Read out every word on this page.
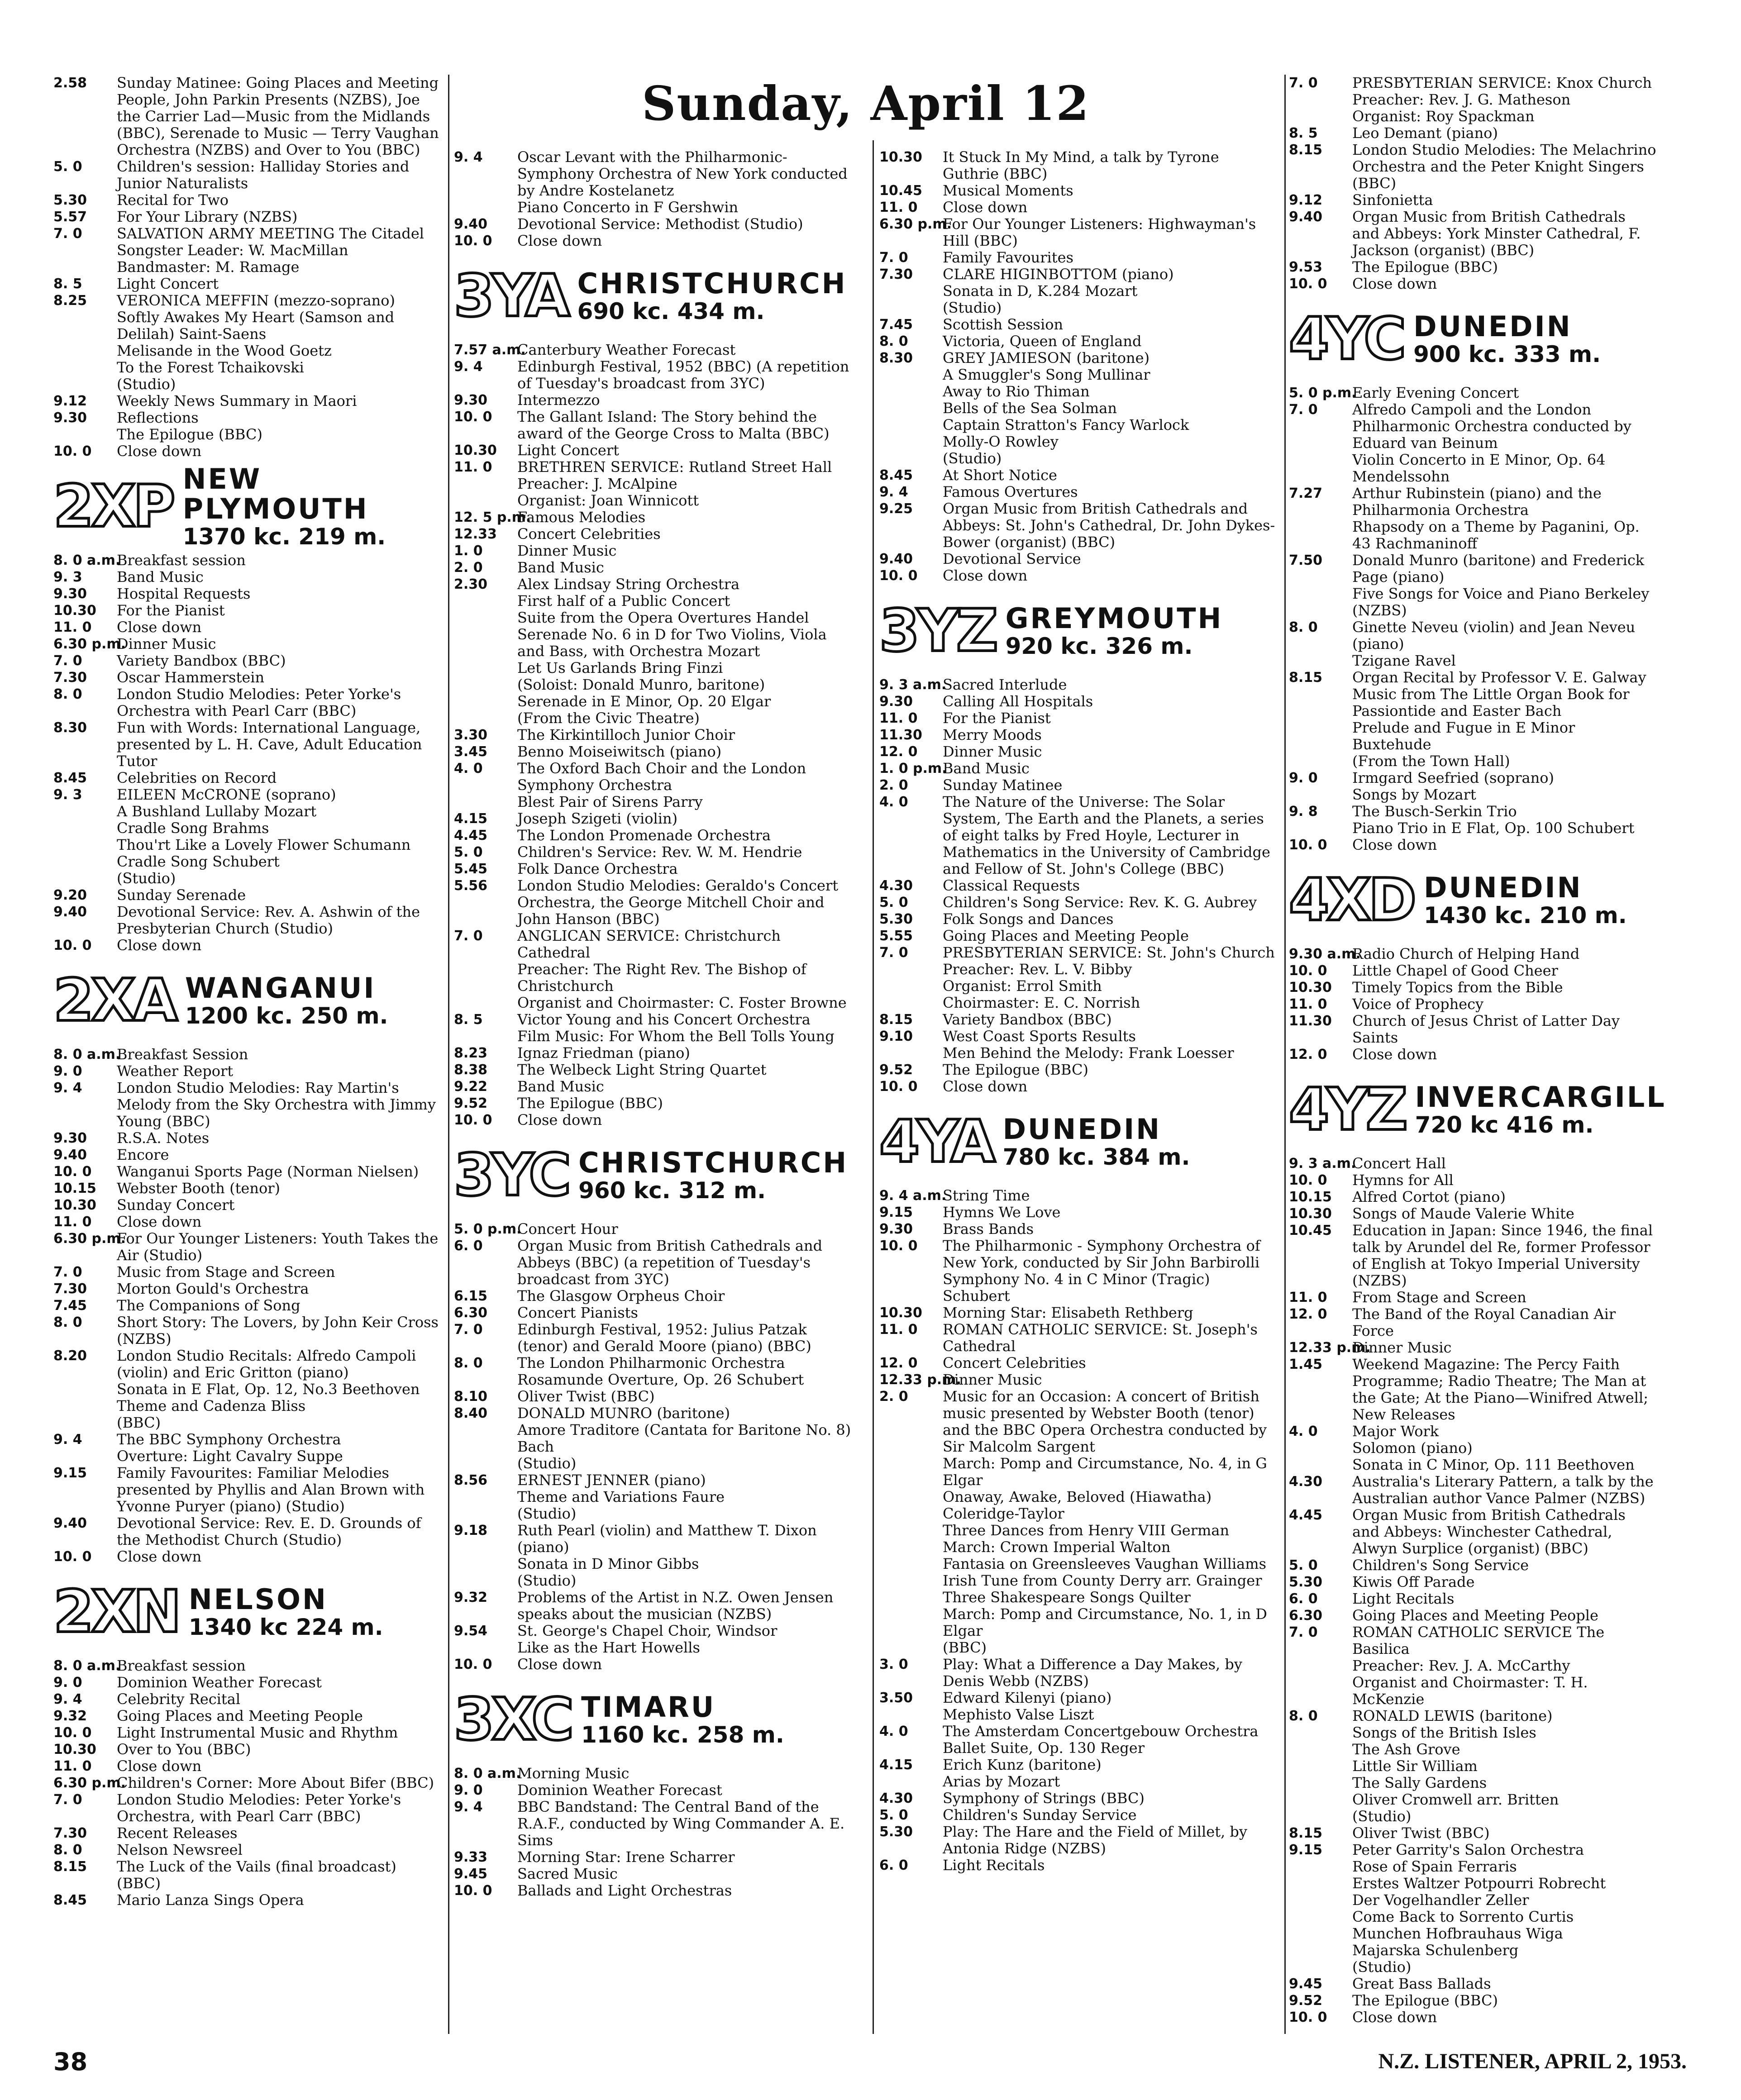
2.58 Sunday Matinee: Going Places and Meeting People, John Parkin Presents (NZBS), Joe the Carrier Lad—Music from the Midlands (BBC), Serenade to Music — Terry Vaughan Orchestra (NZBS) and Over to You (BBC)

5. 0 Children's session: Halliday Stories and Junior Naturalists

5.30 Recital for Two

5.57 For Your Library (NZBS)

7. 0 SALVATION ARMY MEETING The Citadel

Songster Leader: W. MacMillan

Bandmaster: M. Ramage

8. 5 Light Concert

8.25 VERONICA MEFFIN (mezzo-soprano)

Softly Awakes My Heart (Samson and Delilah) Saint-Saens

Melisande in the Wood Goetz

To the Forest Tchaikovski

(Studio)

9.12 Weekly News Summary in Maori

9.30 Reflections

The Epilogue (BBC)

10. 0 Close down

2XP NEW PLYMOUTH
1370 kc. 219 m.

8. 0 a.m.
Breakfast session

9. 3 Band Music

9.30 Hospital Requests

10.30 For the Pianist

11. 0 Close down

6.30 p.m.
Dinner Music

7. 0 Variety Bandbox (BBC)

7.30 Oscar Hammerstein

8. 0 London Studio Melodies: Peter Yorke's Orchestra with Pearl Carr (BBC)

8.30 Fun with Words: International Language, presented by L. H. Cave, Adult Education Tutor

8.45 Celebrities on Record

9. 3 EILEEN McCRONE (soprano)

A Bushland Lullaby Mozart

Cradle Song Brahms

Thou'rt Like a Lovely Flower Schumann

Cradle Song Schubert

(Studio)

9.20 Sunday Serenade

9.40 Devotional Service: Rev. A. Ashwin of the Presbyterian Church (Studio)

10. 0 Close down

2XA WANGANUI
1200 kc. 250 m.

8. 0 a.m.
Breakfast Session

9. 0 Weather Report

9. 4 London Studio Melodies: Ray Martin's Melody from the Sky Orchestra with Jimmy Young (BBC)

9.30 R.S.A. Notes

9.40 Encore

10. 0 Wanganui Sports Page (Norman Nielsen)

10.15 Webster Booth (tenor)

10.30 Sunday Concert

11. 0 Close down

6.30 p.m.
For Our Younger Listeners: Youth Takes the Air (Studio)

7. 0 Music from Stage and Screen

7.30 Morton Gould's Orchestra

7.45 The Companions of Song

8. 0 Short Story: The Lovers, by John Keir Cross (NZBS)

8.20 London Studio Recitals: Alfredo Campoli (violin) and Eric Gritton (piano)

Sonata in E Flat, Op. 12, No.3 Beethoven

Theme and Cadenza Bliss

(BBC)

9. 4 The BBC Symphony Orchestra

Overture: Light Cavalry Suppe

9.15 Family Favourites: Familiar Melodies presented by Phyllis and Alan Brown with Yvonne Puryer (piano) (Studio)

9.40 Devotional Service: Rev. E. D. Grounds of the Methodist Church (Studio)

10. 0 Close down

2XN NELSON
1340 kc 224 m.

8. 0 a.m.
Breakfast session

9. 0 Dominion Weather Forecast

9. 4 Celebrity Recital

9.32 Going Places and Meeting People

10. 0 Light Instrumental Music and Rhythm

10.30 Over to You (BBC)

11. 0 Close down

6.30 p.m.
Children's Corner: More About Bifer (BBC)

7. 0 London Studio Melodies: Peter Yorke's Orchestra, with Pearl Carr (BBC)

7.30 Recent Releases

8. 0 Nelson Newsreel

8.15 The Luck of the Vails (final broadcast) (BBC)

8.45 Mario Lanza Sings Opera

Sunday, April 12

9. 4 Oscar Levant with the Philharmonic-Symphony Orchestra of New York conducted by Andre Kostelanetz

Piano Concerto in F Gershwin

9.40 Devotional Service: Methodist (Studio)

10. 0 Close down

3YA CHRISTCHURCH
690 kc. 434 m.

7.57 a.m.
Canterbury Weather Forecast

9. 4 Edinburgh Festival, 1952 (BBC) (A repetition of Tuesday's broadcast from 3YC)

9.30 Intermezzo

10. 0 The Gallant Island: The Story behind the award of the George Cross to Malta (BBC)

10.30 Light Concert

11. 0 BRETHREN SERVICE: Rutland Street Hall

Preacher: J. McAlpine

Organist: Joan Winnicott

12. 5 p.m.
Famous Melodies

12.33 Concert Celebrities

1. 0 Dinner Music

2. 0 Band Music

2.30 Alex Lindsay String Orchestra

First half of a Public Concert

Suite from the Opera Overtures Handel

Serenade No. 6 in D for Two Violins, Viola and Bass, with Orchestra Mozart

Let Us Garlands Bring Finzi

(Soloist: Donald Munro, baritone)

Serenade in E Minor, Op. 20 Elgar

(From the Civic Theatre)

3.30 The Kirkintilloch Junior Choir

3.45 Benno Moiseiwitsch (piano)

4. 0 The Oxford Bach Choir and the London Symphony Orchestra

Blest Pair of Sirens Parry

4.15 Joseph Szigeti (violin)

4.45 The London Promenade Orchestra

5. 0 Children's Service: Rev. W. M. Hendrie

5.45 Folk Dance Orchestra

5.56 London Studio Melodies: Geraldo's Concert Orchestra, the George Mitchell Choir and John Hanson (BBC)

7. 0 ANGLICAN SERVICE: Christchurch Cathedral

Preacher: The Right Rev. The Bishop of Christchurch

Organist and Choirmaster: C. Foster Browne

8. 5 Victor Young and his Concert Orchestra

Film Music: For Whom the Bell Tolls Young

8.23 Ignaz Friedman (piano)

8.38 The Welbeck Light String Quartet

9.22 Band Music

9.52 The Epilogue (BBC)

10. 0 Close down

3YC CHRISTCHURCH
960 kc. 312 m.

5. 0 p.m.
Concert Hour

6. 0 Organ Music from British Cathedrals and Abbeys (BBC) (a repetition of Tuesday's broadcast from 3YC)

6.15 The Glasgow Orpheus Choir

6.30 Concert Pianists

7. 0 Edinburgh Festival, 1952: Julius Patzak (tenor) and Gerald Moore (piano) (BBC)

8. 0 The London Philharmonic Orchestra

Rosamunde Overture, Op. 26 Schubert

8.10 Oliver Twist (BBC)

8.40 DONALD MUNRO (baritone)

Amore Traditore (Cantata for Baritone No. 8) Bach

(Studio)

8.56 ERNEST JENNER (piano)

Theme and Variations Faure

(Studio)

9.18 Ruth Pearl (violin) and Matthew T. Dixon (piano)

Sonata in D Minor Gibbs

(Studio)

9.32 Problems of the Artist in N.Z. Owen Jensen speaks about the musician (NZBS)

9.54 St. George's Chapel Choir, Windsor

Like as the Hart Howells

10. 0 Close down

3XC TIMARU
1160 kc. 258 m.

8. 0 a.m.
Morning Music

9. 0 Dominion Weather Forecast

9. 4 BBC Bandstand: The Central Band of the R.A.F., conducted by Wing Commander A. E. Sims

9.33 Morning Star: Irene Scharrer

9.45 Sacred Music

10. 0 Ballads and Light Orchestras

10.30 It Stuck In My Mind, a talk by Tyrone Guthrie (BBC)

10.45 Musical Moments

11. 0 Close down

6.30 p.m.
For Our Younger Listeners: Highwayman's Hill (BBC)

7. 0 Family Favourites

7.30 CLARE HIGINBOTTOM (piano)

Sonata in D, K.284 Mozart

(Studio)

7.45 Scottish Session

8. 0 Victoria, Queen of England

8.30 GREY JAMIESON (baritone)

A Smuggler's Song Mullinar

Away to Rio Thiman

Bells of the Sea Solman

Captain Stratton's Fancy Warlock

Molly-O Rowley

(Studio)

8.45 At Short Notice

9. 4 Famous Overtures

9.25 Organ Music from British Cathedrals and Abbeys: St. John's Cathedral, Dr. John Dykes-Bower (organist) (BBC)

9.40 Devotional Service

10. 0 Close down

3YZ GREYMOUTH
920 kc. 326 m.

9. 3 a.m.
Sacred Interlude

9.30 Calling All Hospitals

11. 0 For the Pianist

11.30 Merry Moods

12. 0 Dinner Music

1. 0 p.m.
Band Music

2. 0 Sunday Matinee

4. 0 The Nature of the Universe: The Solar System, The Earth and the Planets, a series of eight talks by Fred Hoyle, Lecturer in Mathematics in the University of Cambridge and Fellow of St. John's College (BBC)

4.30 Classical Requests

5. 0 Children's Song Service: Rev. K. G. Aubrey

5.30 Folk Songs and Dances

5.55 Going Places and Meeting People

7. 0 PRESBYTERIAN SERVICE: St. John's Church

Preacher: Rev. L. V. Bibby

Organist: Errol Smith

Choirmaster: E. C. Norrish

8.15 Variety Bandbox (BBC)

9.10 West Coast Sports Results

Men Behind the Melody: Frank Loesser

9.52 The Epilogue (BBC)

10. 0 Close down

4YA DUNEDIN
780 kc. 384 m.

9. 4 a.m.
String Time

9.15 Hymns We Love

9.30 Brass Bands

10. 0 The Philharmonic - Symphony Orchestra of New York, conducted by Sir John Barbirolli

Symphony No. 4 in C Minor (Tragic) Schubert

10.30 Morning Star: Elisabeth Rethberg

11. 0 ROMAN CATHOLIC SERVICE: St. Joseph's Cathedral

12. 0 Concert Celebrities

12.33 p.m.
Dinner Music

2. 0 Music for an Occasion: A concert of British music presented by Webster Booth (tenor) and the BBC Opera Orchestra conducted by Sir Malcolm Sargent

March: Pomp and Circumstance, No. 4, in G Elgar

Onaway, Awake, Beloved (Hiawatha) Coleridge-Taylor

Three Dances from Henry VIII German

March: Crown Imperial Walton

Fantasia on Greensleeves Vaughan Williams

Irish Tune from County Derry arr. Grainger

Three Shakespeare Songs Quilter

March: Pomp and Circumstance, No. 1, in D Elgar

(BBC)

3. 0 Play: What a Difference a Day Makes, by Denis Webb (NZBS)

3.50 Edward Kilenyi (piano)

Mephisto Valse Liszt

4. 0 The Amsterdam Concertgebouw Orchestra

Ballet Suite, Op. 130 Reger

4.15 Erich Kunz (baritone)

Arias by Mozart

4.30 Symphony of Strings (BBC)

5. 0 Children's Sunday Service

5.30 Play: The Hare and the Field of Millet, by Antonia Ridge (NZBS)

6. 0 Light Recitals

7. 0 PRESBYTERIAN SERVICE: Knox Church

Preacher: Rev. J. G. Matheson

Organist: Roy Spackman

8. 5 Leo Demant (piano)

8.15 London Studio Melodies: The Melachrino Orchestra and the Peter Knight Singers (BBC)

9.12 Sinfonietta

9.40 Organ Music from British Cathedrals and Abbeys: York Minster Cathedral, F. Jackson (organist) (BBC)

9.53 The Epilogue (BBC)

10. 0 Close down

4YC DUNEDIN
900 kc. 333 m.

5. 0 p.m.
Early Evening Concert

7. 0 Alfredo Campoli and the London Philharmonic Orchestra conducted by Eduard van Beinum

Violin Concerto in E Minor, Op. 64 Mendelssohn

7.27 Arthur Rubinstein (piano) and the Philharmonia Orchestra

Rhapsody on a Theme by Paganini, Op. 43 Rachmaninoff

7.50 Donald Munro (baritone) and Frederick Page (piano)

Five Songs for Voice and Piano Berkeley

(NZBS)

8. 0 Ginette Neveu (violin) and Jean Neveu (piano)

Tzigane Ravel

8.15 Organ Recital by Professor V. E. Galway

Music from The Little Organ Book for Passiontide and Easter Bach

Prelude and Fugue in E Minor Buxtehude

(From the Town Hall)

9. 0 Irmgard Seefried (soprano)

Songs by Mozart

9. 8 The Busch-Serkin Trio

Piano Trio in E Flat, Op. 100 Schubert

10. 0 Close down

4XD DUNEDIN
1430 kc. 210 m.

9.30 a.m.
Radio Church of Helping Hand

10. 0 Little Chapel of Good Cheer

10.30 Timely Topics from the Bible

11. 0 Voice of Prophecy

11.30 Church of Jesus Christ of Latter Day Saints

12. 0 Close down

4YZ INVERCARGILL
720 kc 416 m.

9. 3 a.m.
Concert Hall

10. 0 Hymns for All

10.15 Alfred Cortot (piano)

10.30 Songs of Maude Valerie White

10.45 Education in Japan: Since 1946, the final talk by Arundel del Re, former Professor of English at Tokyo Imperial University (NZBS)

11. 0 From Stage and Screen

12. 0 The Band of the Royal Canadian Air Force

12.33 p.m.
Dinner Music

1.45 Weekend Magazine: The Percy Faith Programme; Radio Theatre; The Man at the Gate; At the Piano—Winifred Atwell; New Releases

4. 0 Major Work

Solomon (piano)

Sonata in C Minor, Op. 111 Beethoven

4.30 Australia's Literary Pattern, a talk by the Australian author Vance Palmer (NZBS)

4.45 Organ Music from British Cathedrals and Abbeys: Winchester Cathedral, Alwyn Surplice (organist) (BBC)

5. 0 Children's Song Service

5.30 Kiwis Off Parade

6. 0 Light Recitals

6.30 Going Places and Meeting People

7. 0 ROMAN CATHOLIC SERVICE The Basilica

Preacher: Rev. J. A. McCarthy

Organist and Choirmaster: T. H. McKenzie

8. 0 RONALD LEWIS (baritone)

Songs of the British Isles

The Ash Grove

Little Sir William

The Sally Gardens

Oliver Cromwell arr. Britten

(Studio)

8.15 Oliver Twist (BBC)

9.15 Peter Garrity's Salon Orchestra

Rose of Spain Ferraris

Erstes Waltzer Potpourri Robrecht

Der Vogelhandler Zeller

Come Back to Sorrento Curtis

Munchen Hofbrauhaus Wiga

Majarska Schulenberg

(Studio)

9.45 Great Bass Ballads

9.52 The Epilogue (BBC)

10. 0 Close down

38	N.Z. LISTENER, APRIL 2, 1953.
